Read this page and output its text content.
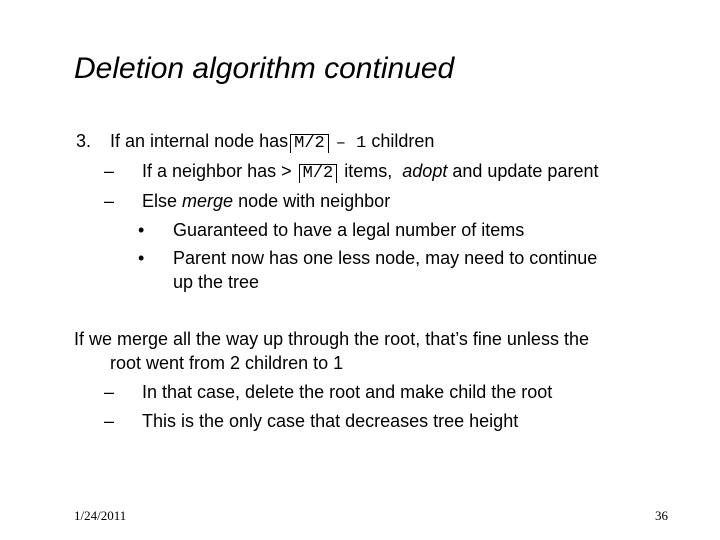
Deletion algorithm continued
3. If an internal node has M/2 – 1 children
– If a neighbor has > M/2 items, adopt and update parent
– Else merge node with neighbor
• Guaranteed to have a legal number of items
• Parent now has one less node, may need to continue
up the tree
If we merge all the way up through the root, that’s fine unless the
root went from 2 children to 1
– In that case, delete the root and make child the root
– This is the only case that decreases tree height
1/24/2011	36
